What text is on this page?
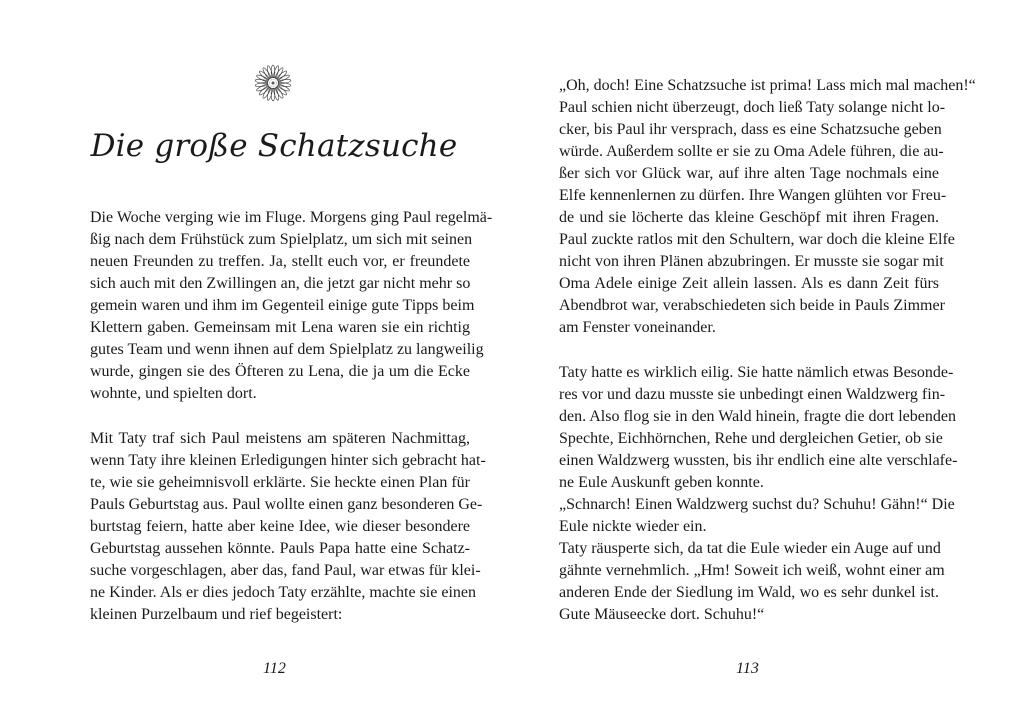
Die große Schatzsuche
Die Woche verging wie im Fluge. Morgens ging Paul regelmä-
ßig nach dem Frühstück zum Spielplatz, um sich mit seinen
neuen Freunden zu treffen. Ja, stellt euch vor, er freundete
sich auch mit den Zwillingen an, die jetzt gar nicht mehr so
gemein waren und ihm im Gegenteil einige gute Tipps beim
Klettern gaben. Gemeinsam mit Lena waren sie ein richtig
gutes Team und wenn ihnen auf dem Spielplatz zu langweilig
wurde, gingen sie des Öfteren zu Lena, die ja um die Ecke
wohnte, und spielten dort.
Mit Taty traf sich Paul meistens am späteren Nachmittag,
wenn Taty ihre kleinen Erledigungen hinter sich gebracht hat-
te, wie sie geheimnisvoll erklärte. Sie heckte einen Plan für
Pauls Geburtstag aus. Paul wollte einen ganz besonderen Ge-
burtstag feiern, hatte aber keine Idee, wie dieser besondere
Geburtstag aussehen könnte. Pauls Papa hatte eine Schatz-
suche vorgeschlagen, aber das, fand Paul, war etwas für klei-
ne Kinder. Als er dies jedoch Taty erzählte, machte sie einen
kleinen Purzelbaum und rief begeistert:
„Oh, doch! Eine Schatzsuche ist prima! Lass mich mal machen!“
Paul schien nicht überzeugt, doch ließ Taty solange nicht lo-
cker, bis Paul ihr versprach, dass es eine Schatzsuche geben
würde. Außerdem sollte er sie zu Oma Adele führen, die au-
ßer sich vor Glück war, auf ihre alten Tage nochmals eine
Elfe kennenlernen zu dürfen. Ihre Wangen glühten vor Freu-
de und sie löcherte das kleine Geschöpf mit ihren Fragen.
Paul zuckte ratlos mit den Schultern, war doch die kleine Elfe
nicht von ihren Plänen abzubringen. Er musste sie sogar mit
Oma Adele einige Zeit allein lassen. Als es dann Zeit fürs
Abendbrot war, verabschiedeten sich beide in Pauls Zimmer
am Fenster voneinander.
Taty hatte es wirklich eilig. Sie hatte nämlich etwas Besonde-
res vor und dazu musste sie unbedingt einen Waldzwerg fin-
den. Also flog sie in den Wald hinein, fragte die dort lebenden
Spechte, Eichhörnchen, Rehe und dergleichen Getier, ob sie
einen Waldzwerg wussten, bis ihr endlich eine alte verschlafe-
ne Eule Auskunft geben konnte.
„Schnarch! Einen Waldzwerg suchst du? Schuhu! Gähn!“ Die
Eule nickte wieder ein.
Taty räusperte sich, da tat die Eule wieder ein Auge auf und
gähnte vernehmlich. „Hm! Soweit ich weiß, wohnt einer am
anderen Ende der Siedlung im Wald, wo es sehr dunkel ist.
Gute Mäuseecke dort. Schuhu!“
112	113
